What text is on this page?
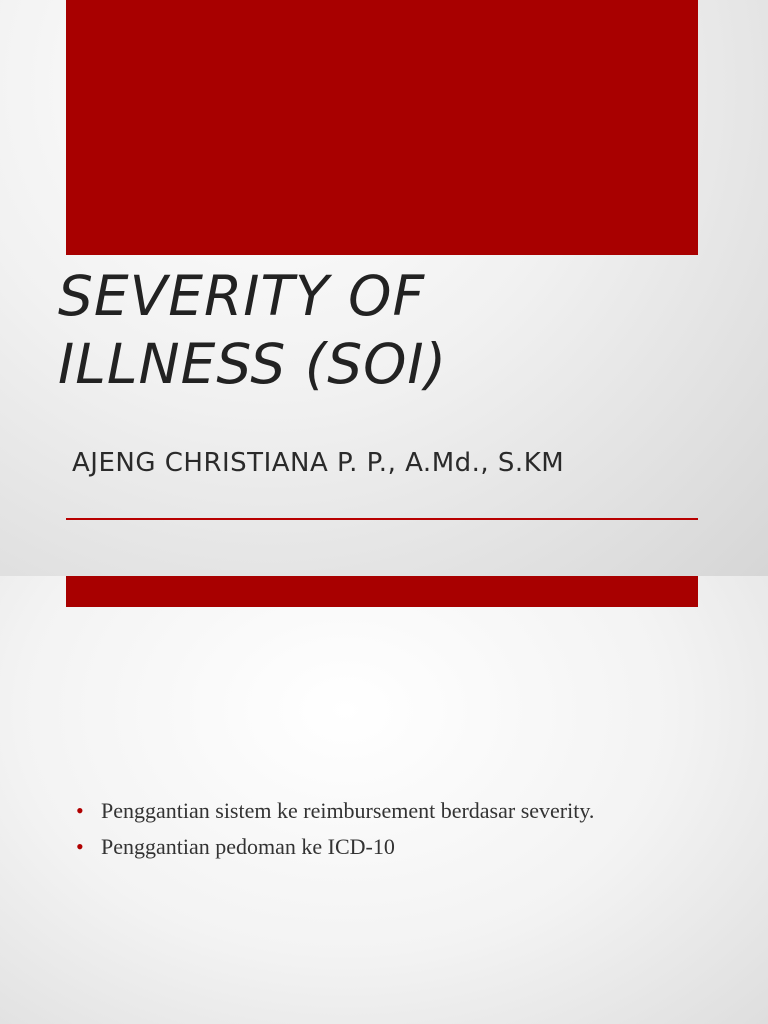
SEVERITY OF
ILLNESS (SOI)
AJENG CHRISTIANA P. P., A.Md., S.KM
• Penggantian sistem ke reimbursement berdasar severity.
• Penggantian pedoman ke ICD-10
